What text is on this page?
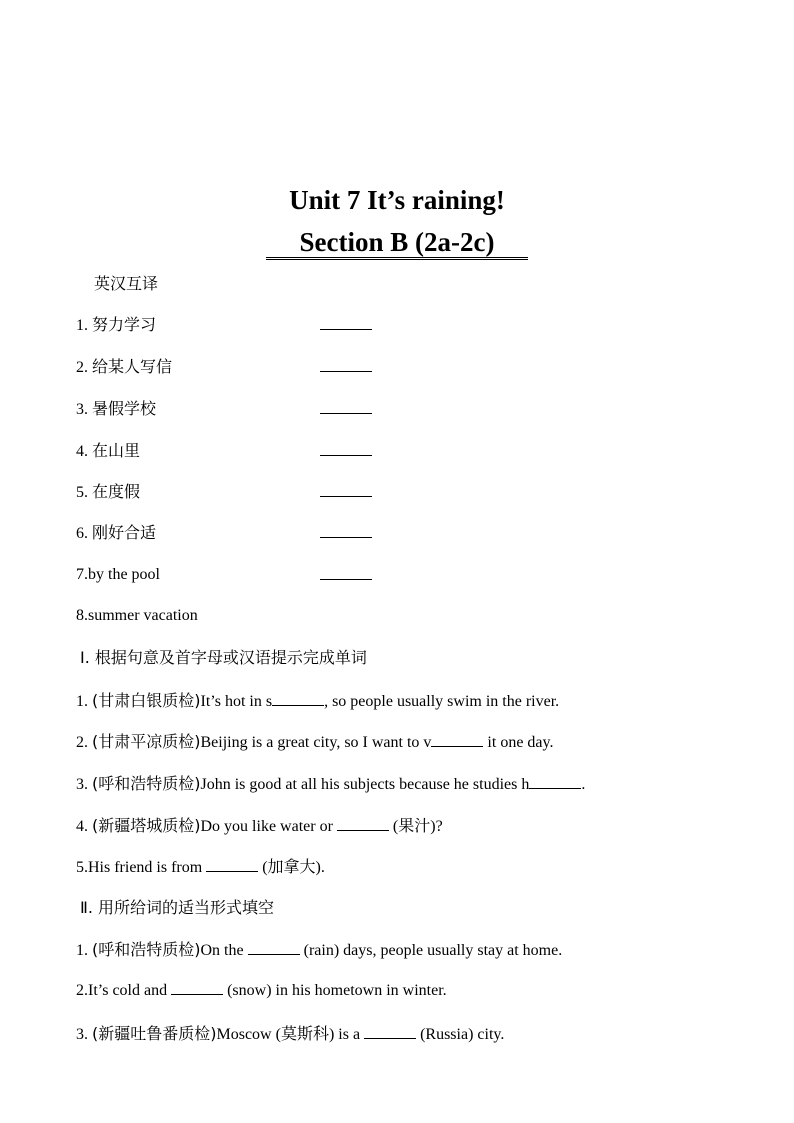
Unit 7 It’s raining!
Section B (2a-2c)

英汉互译

1. 努力学习

2. 给某人写信

3. 暑假学校

4. 在山里

5. 在度假

6. 刚好合适

7.by the pool

8.summer vacation

Ⅰ. 根据句意及首字母或汉语提示完成单词

1. (甘肃白银质检)It’s hot in s	, so people usually swim in the river.

2. (甘肃平凉质检)Beijing is a great city, so I want to v	it one day.

3. (呼和浩特质检)John is good at all his subjects because he studies h	.

4. (新疆塔城质检)Do you like water or	(果汁)?

5.His friend is from	(加拿大).

Ⅱ. 用所给词的适当形式填空

1. (呼和浩特质检)On the	(rain) days, people usually stay at home.

2.It’s cold and	(snow) in his hometown in winter.

3. (新疆吐鲁番质检)Moscow (莫斯科) is a	(Russia) city.
